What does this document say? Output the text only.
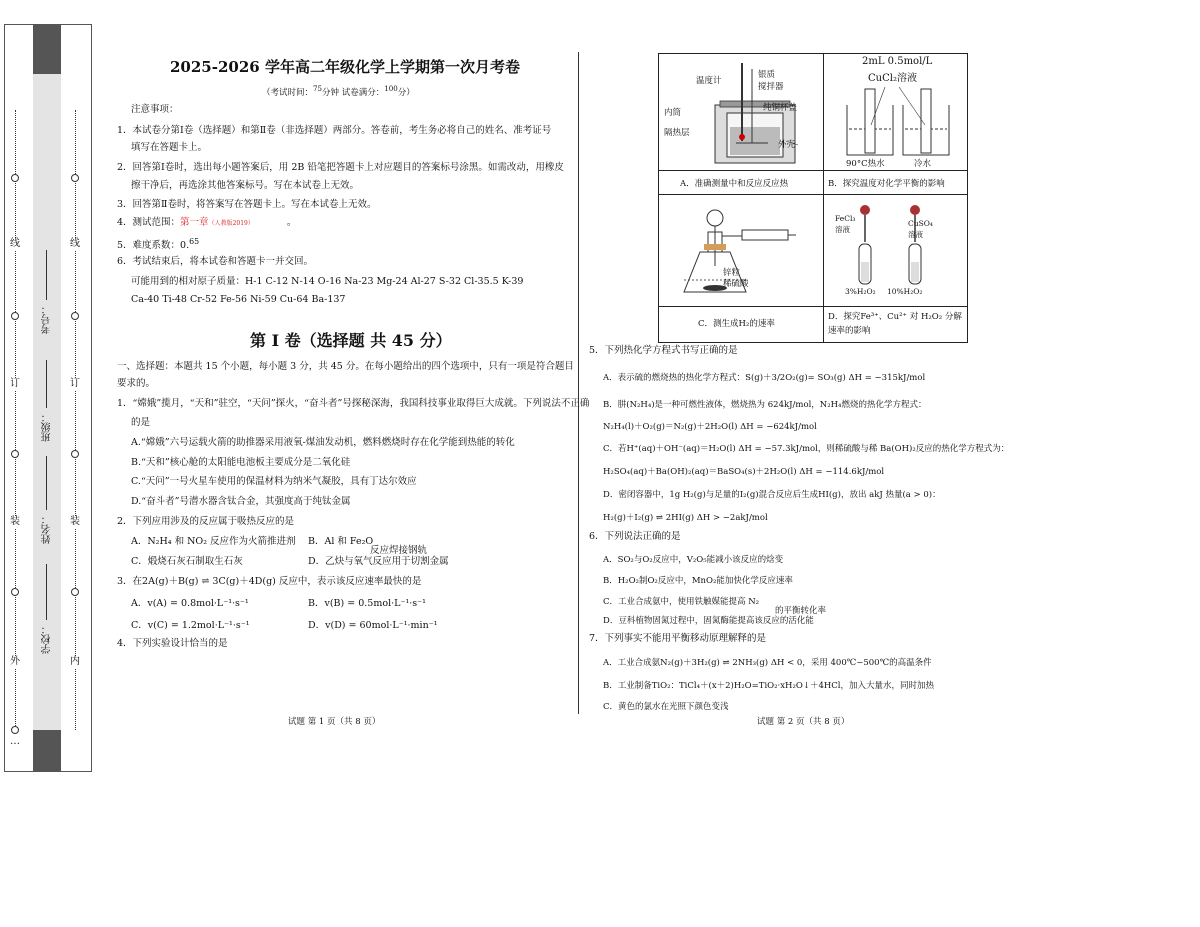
线
订
装
外
…
线
订
装
内
考号：
班级：
姓名：
学校：
2025-2026 学年高二年级化学上学期第一次月考卷
（考试时间：$^{75}$分钟 试卷满分：$^{100}$分）
注意事项：
1．本试卷分第Ⅰ卷（选择题）和第Ⅱ卷（非选择题）两部分。答卷前，考生务必将自己的姓名、准考证号
填写在答题卡上。
2．回答第Ⅰ卷时，选出每小题答案后，用 2B 铅笔把答题卡上对应题目的答案标号涂黑。如需改动，用橡皮
擦干净后，再选涂其他答案标号。写在本试卷上无效。
3．回答第Ⅱ卷时，将答案写在答题卡上。写在本试卷上无效。
4．测试范围：第一章（人教版2019）	。
5．难度系数：0.65
6．考试结束后，将本试卷和答题卡一并交回。
可能用到的相对原子质量：H-1 C-12 N-14 O-16 Na-23 Mg-24 Al-27 S-32 Cl-35.5 K-39
Ca-40 Ti-48 Cr-52 Fe-56 Ni-59 Cu-64 Ba-137
第 I 卷（选择题 共 45 分）
一、选择题：本题共 15 个小题，每小题 3 分，共 45 分。在每小题给出的四个选项中，只有一项是符合题目
要求的。
1．“嫦娥”揽月，“天和”驻空，“天问”探火，“奋斗者”号探秘深海，我国科技事业取得巨大成就。下列说法不正确
的是
A.“嫦娥”六号运载火箭的助推器采用液氧-煤油发动机，燃料燃烧时存在化学能到热能的转化
B.“天和”核心舱的太阳能电池板主要成分是二氧化硅
C.“天问”一号火星车使用的保温材料为纳米气凝胶，具有丁达尔效应
D.“奋斗者”号潜水器含钛合金，其强度高于纯钛金属
2．下列应用涉及的反应属于吸热反应的是
A．N₂H₄ 和 NO₂ 反应作为火箭推进剂 B．Al 和 Fe₂O
反应焊接钢轨
C．煅烧石灰石制取生石灰	D．乙炔与氧气反应用于切割金属
3．在2A(g)＋B(g) ⇌ 3C(g)＋4D(g) 反应中，表示该反应速率最快的是
A．v(A) = 0.8mol·L⁻¹·s⁻¹	B．v(B) = 0.5mol·L⁻¹·s⁻¹
C．v(C) = 1.2mol·L⁻¹·s⁻¹	D．v(D) = 60mol·L⁻¹·min⁻¹
4．下列实验设计恰当的是
试题 第 1 页（共 8 页）
温度计
银质
搅拌器
纯铜杯盖
内筒
隔热层
外壳
2mL 0.5mol/L
CuCl₂溶液
90°C热水	冷水
A．准确测量中和反应反应热	B．探究温度对化学平衡的影响
锌粒
稀硫酸
FeCl₃
溶液
CuSO₄
溶液
3%H₂O₂ 10%H₂O₂
C．测生成H₂的速率
D．探究Fe³⁺、Cu²⁺ 对 H₂O₂ 分解
速率的影响
5．下列热化学方程式书写正确的是
A．表示硫的燃烧热的热化学方程式：S(g)＋3/2O₂(g)= SO₃(g) ΔH = −315kJ/mol
B．肼(N₂H₄)是一种可燃性液体，燃烧热为 624kJ/mol，N₂H₄燃烧的热化学方程式：
N₂H₄(l)＋O₂(g)＝N₂(g)＋2H₂O(l) ΔH = −624kJ/mol
C．若H⁺(aq)＋OH⁻(aq)＝H₂O(l) ΔH = −57.3kJ/mol，则稀硫酸与稀 Ba(OH)₂反应的热化学方程式为：
H₂SO₄(aq)＋Ba(OH)₂(aq)＝BaSO₄(s)＋2H₂O(l) ΔH = −114.6kJ/mol
D．密闭容器中，1g H₂(g)与足量的I₂(g)混合反应后生成HI(g)，放出 akJ 热量(a > 0)：
H₂(g)＋I₂(g) ⇌ 2HI(g) ΔH > −2akJ/mol
6．下列说法正确的是
A．SO₂与O₂反应中，V₂O₅能减小该反应的焓变
B．H₂O₂制O₂反应中，MnO₂能加快化学反应速率
C．工业合成氨中，使用铁触媒能提高 N₂
的平衡转化率
D．豆科植物固氮过程中，固氮酶能提高该反应的活化能
7．下列事实不能用平衡移动原理解释的是
A．工业合成氨N₂(g)＋3H₂(g) ⇌ 2NH₃(g) ΔH < 0，采用 400℃~500℃的高温条件
B．工业制备TiO₂：TiCl₄＋(x＋2)H₂O=TiO₂·xH₂O↓＋4HCl，加入大量水，同时加热
C．黄色的氯水在光照下颜色变浅
试题 第 2 页（共 8 页）
